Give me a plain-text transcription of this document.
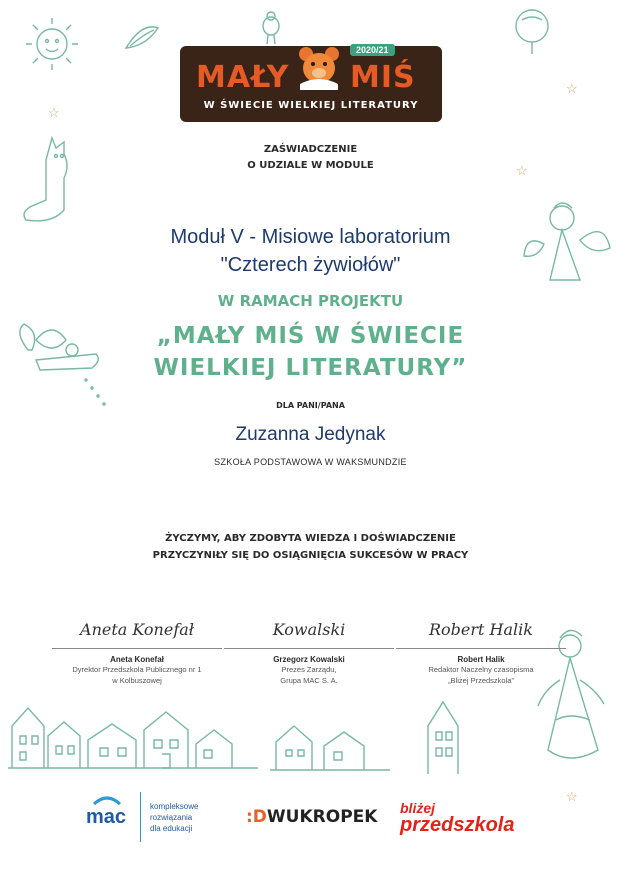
☆
☆
☆
☆
2020/21
MAŁY MIŚ
W ŚWIECIE WIELKIEJ LITERATURY
ZAŚWIADCZENIE
O UDZIALE W MODULE
Moduł V - Misiowe laboratorium
"Czterech żywiołów"
W RAMACH PROJEKTU
„MAŁY MIŚ W ŚWIECIE
WIELKIEJ LITERATURY”
DLA PANI/PANA
Zuzanna Jedynak
SZKOŁA PODSTAWOWA W WAKSMUNDZIE
ŻYCZYMY, ABY ZDOBYTA WIEDZA I DOŚWIADCZENIE
PRZYCZYNIŁY SIĘ DO OSIĄGNIĘCIA SUKCESÓW W PRACY
Aneta Konefał
Aneta Konefał
Dyrektor Przedszkola Publicznego nr 1
w Kolbuszowej
Kowalski
Grzegorz Kowalski
Prezes Zarządu,
Grupa MAC S. A.
Robert Halik
Robert Halik
Redaktor Naczelny czasopisma
„Bliżej Przedszkola”
mac	kompleksowe
rozwiązania
dla edukacji
:DWUKROPEK bliżej
przedszkola
